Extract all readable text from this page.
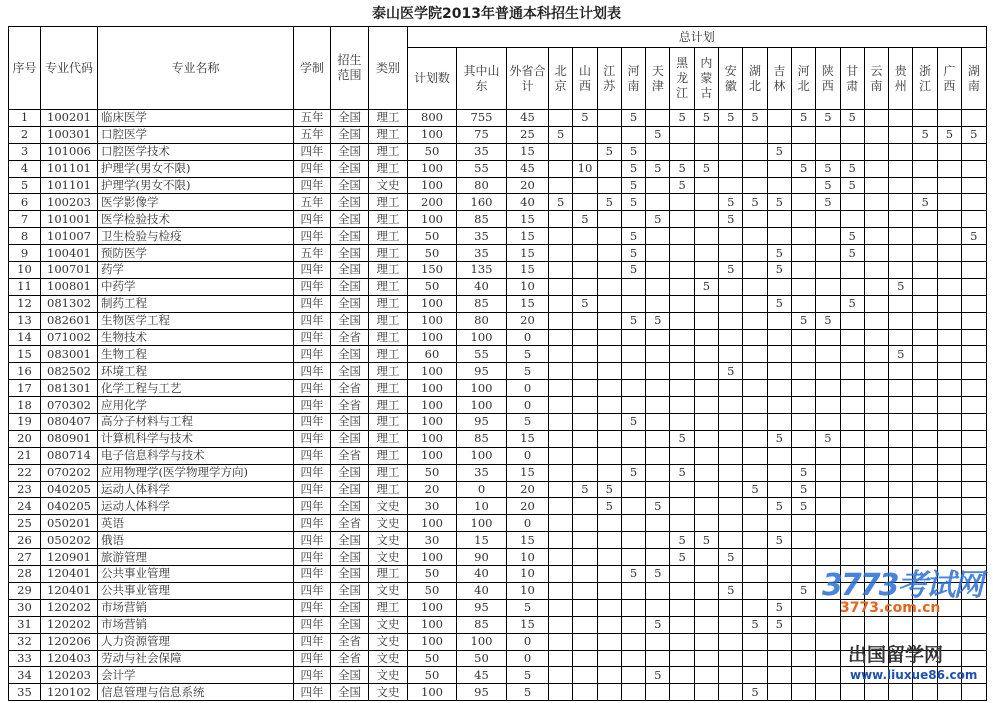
泰山医学院2013年普通本科招生计划表
序号	专业代码	专业名称	学制	招生范围	类别	总计划																				
						计划数	其中山东	外省合计	北京	山西	江苏	河南	天津	黑龙江	内蒙古	安徽	湖北	吉林	河北	陕西	甘肃	云南	贵州	浙江	广西	湖南
1	100201	临床医学	五年	全国	理工	800	755	45		5		5		5	5	5	5		5	5	5					
2	100301	口腔医学	五年	全国	理工	100	75	25	5				5											5	5	5
3	101006	口腔医学技术	四年	全国	理工	50	35	15			5	5						5								
4	101101	护理学(男女不限)	四年	全国	理工	100	55	45		10		5	5	5	5				5	5	5					
5	101101	护理学(男女不限)	四年	全国	文史	100	80	20				5		5						5	5					
6	100203	医学影像学	五年	全国	理工	200	160	40	5		5	5				5	5	5		5				5		
7	101001	医学检验技术	四年	全国	理工	100	85	15		5			5			5										
8	101007	卫生检验与检疫	四年	全国	理工	50	35	15				5									5					5
9	100401	预防医学	五年	全国	理工	50	35	15				5						5			5					
10	100701	药学	四年	全国	理工	150	135	15				5				5		5								
11	100801	中药学	四年	全国	理工	50	40	10							5								5			
12	081302	制药工程	四年	全国	理工	100	85	15		5								5			5					
13	082601	生物医学工程	四年	全国	理工	100	80	20				5	5						5	5						
14	071002	生物技术	四年	全省	理工	100	100	0																		
15	083001	生物工程	四年	全国	理工	60	55	5															5			
16	082502	环境工程	四年	全国	理工	100	95	5								5										
17	081301	化学工程与工艺	四年	全省	理工	100	100	0																		
18	070302	应用化学	四年	全省	理工	100	100	0																		
19	080407	高分子材料与工程	四年	全国	理工	100	95	5				5														
20	080901	计算机科学与技术	四年	全国	理工	100	85	15						5				5		5						
21	080714	电子信息科学与技术	四年	全省	理工	100	100	0																		
22	070202	应用物理学(医学物理学方向)	四年	全国	理工	50	35	15				5		5					5							
23	040205	运动人体科学	四年	全国	理工	20	0	20		5	5						5		5							
24	040205	运动人体科学	四年	全国	文史	30	10	20			5		5					5	5							
25	050201	英语	四年	全省	文史	100	100	0																		
26	050202	俄语	四年	全国	文史	30	15	15						5	5			5								
27	120901	旅游管理	四年	全国	文史	100	90	10						5		5										
28	120401	公共事业管理	四年	全国	理工	50	40	10				5	5													
29	120401	公共事业管理	四年	全国	文史	50	40	10								5			5							
30	120202	市场营销	四年	全国	理工	100	95	5										5								
31	120202	市场营销	四年	全国	文史	100	85	15					5				5	5								
32	120206	人力资源管理	四年	全省	文史	100	100	0																		
33	120403	劳动与社会保障	四年	全省	文史	50	50	0																		
34	120203	会计学	四年	全国	文史	50	45	5					5													
35	120102	信息管理与信息系统	四年	全国	文史	100	95	5									5									
3773考试网
3773.com.cn
出国留学网
www.liuxue86.com
